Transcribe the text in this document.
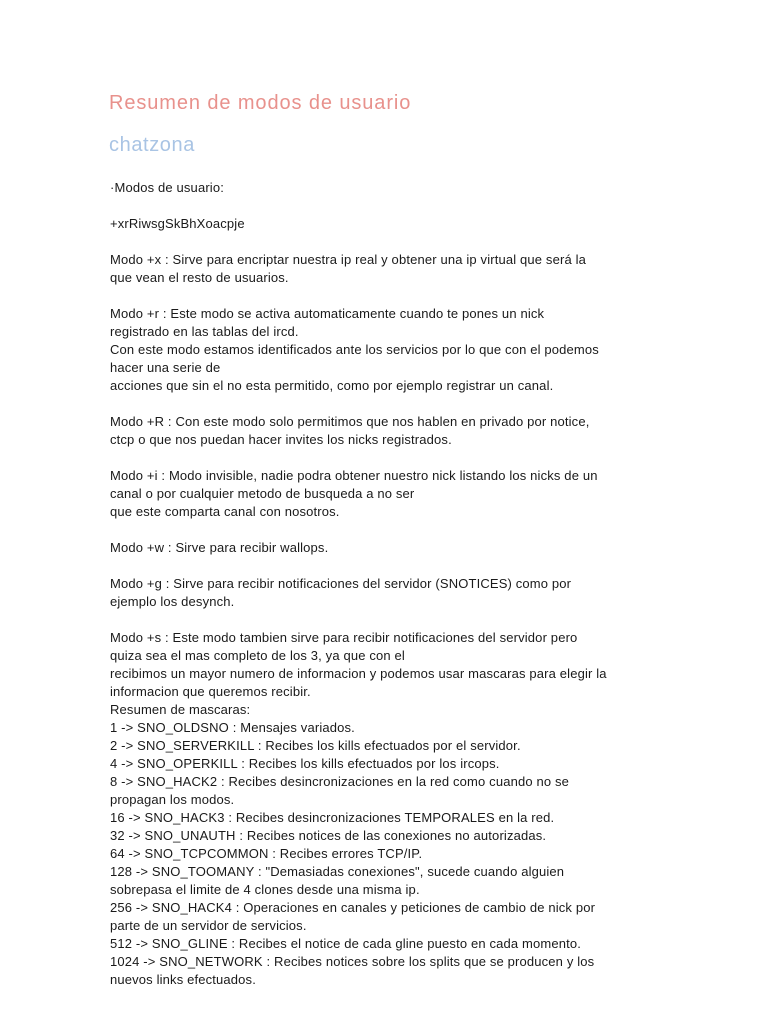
Resumen de modos de usuario
chatzona
·Modos de usuario:
+xrRiwsgSkBhXoacpje
Modo +x : Sirve para encriptar nuestra ip real y obtener una ip virtual que será la
que vean el resto de usuarios.
Modo +r : Este modo se activa automaticamente cuando te pones un nick
registrado en las tablas del ircd.
Con este modo estamos identificados ante los servicios por lo que con el podemos
hacer una serie de
acciones que sin el no esta permitido, como por ejemplo registrar un canal.
Modo +R : Con este modo solo permitimos que nos hablen en privado por notice,
ctcp o que nos puedan hacer invites los nicks registrados.
Modo +i : Modo invisible, nadie podra obtener nuestro nick listando los nicks de un
canal o por cualquier metodo de busqueda a no ser
que este comparta canal con nosotros.
Modo +w : Sirve para recibir wallops.
Modo +g : Sirve para recibir notificaciones del servidor (SNOTICES) como por
ejemplo los desynch.
Modo +s : Este modo tambien sirve para recibir notificaciones del servidor pero
quiza sea el mas completo de los 3, ya que con el
recibimos un mayor numero de informacion y podemos usar mascaras para elegir la
informacion que queremos recibir.
Resumen de mascaras:
1 -> SNO_OLDSNO : Mensajes variados.
2 -> SNO_SERVERKILL : Recibes los kills efectuados por el servidor.
4 -> SNO_OPERKILL : Recibes los kills efectuados por los ircops.
8 -> SNO_HACK2 : Recibes desincronizaciones en la red como cuando no se
propagan los modos.
16 -> SNO_HACK3 : Recibes desincronizaciones TEMPORALES en la red.
32 -> SNO_UNAUTH : Recibes notices de las conexiones no autorizadas.
64 -> SNO_TCPCOMMON : Recibes errores TCP/IP.
128 -> SNO_TOOMANY : "Demasiadas conexiones", sucede cuando alguien
sobrepasa el limite de 4 clones desde una misma ip.
256 -> SNO_HACK4 : Operaciones en canales y peticiones de cambio de nick por
parte de un servidor de servicios.
512 -> SNO_GLINE : Recibes el notice de cada gline puesto en cada momento.
1024 -> SNO_NETWORK : Recibes notices sobre los splits que se producen y los
nuevos links efectuados.
